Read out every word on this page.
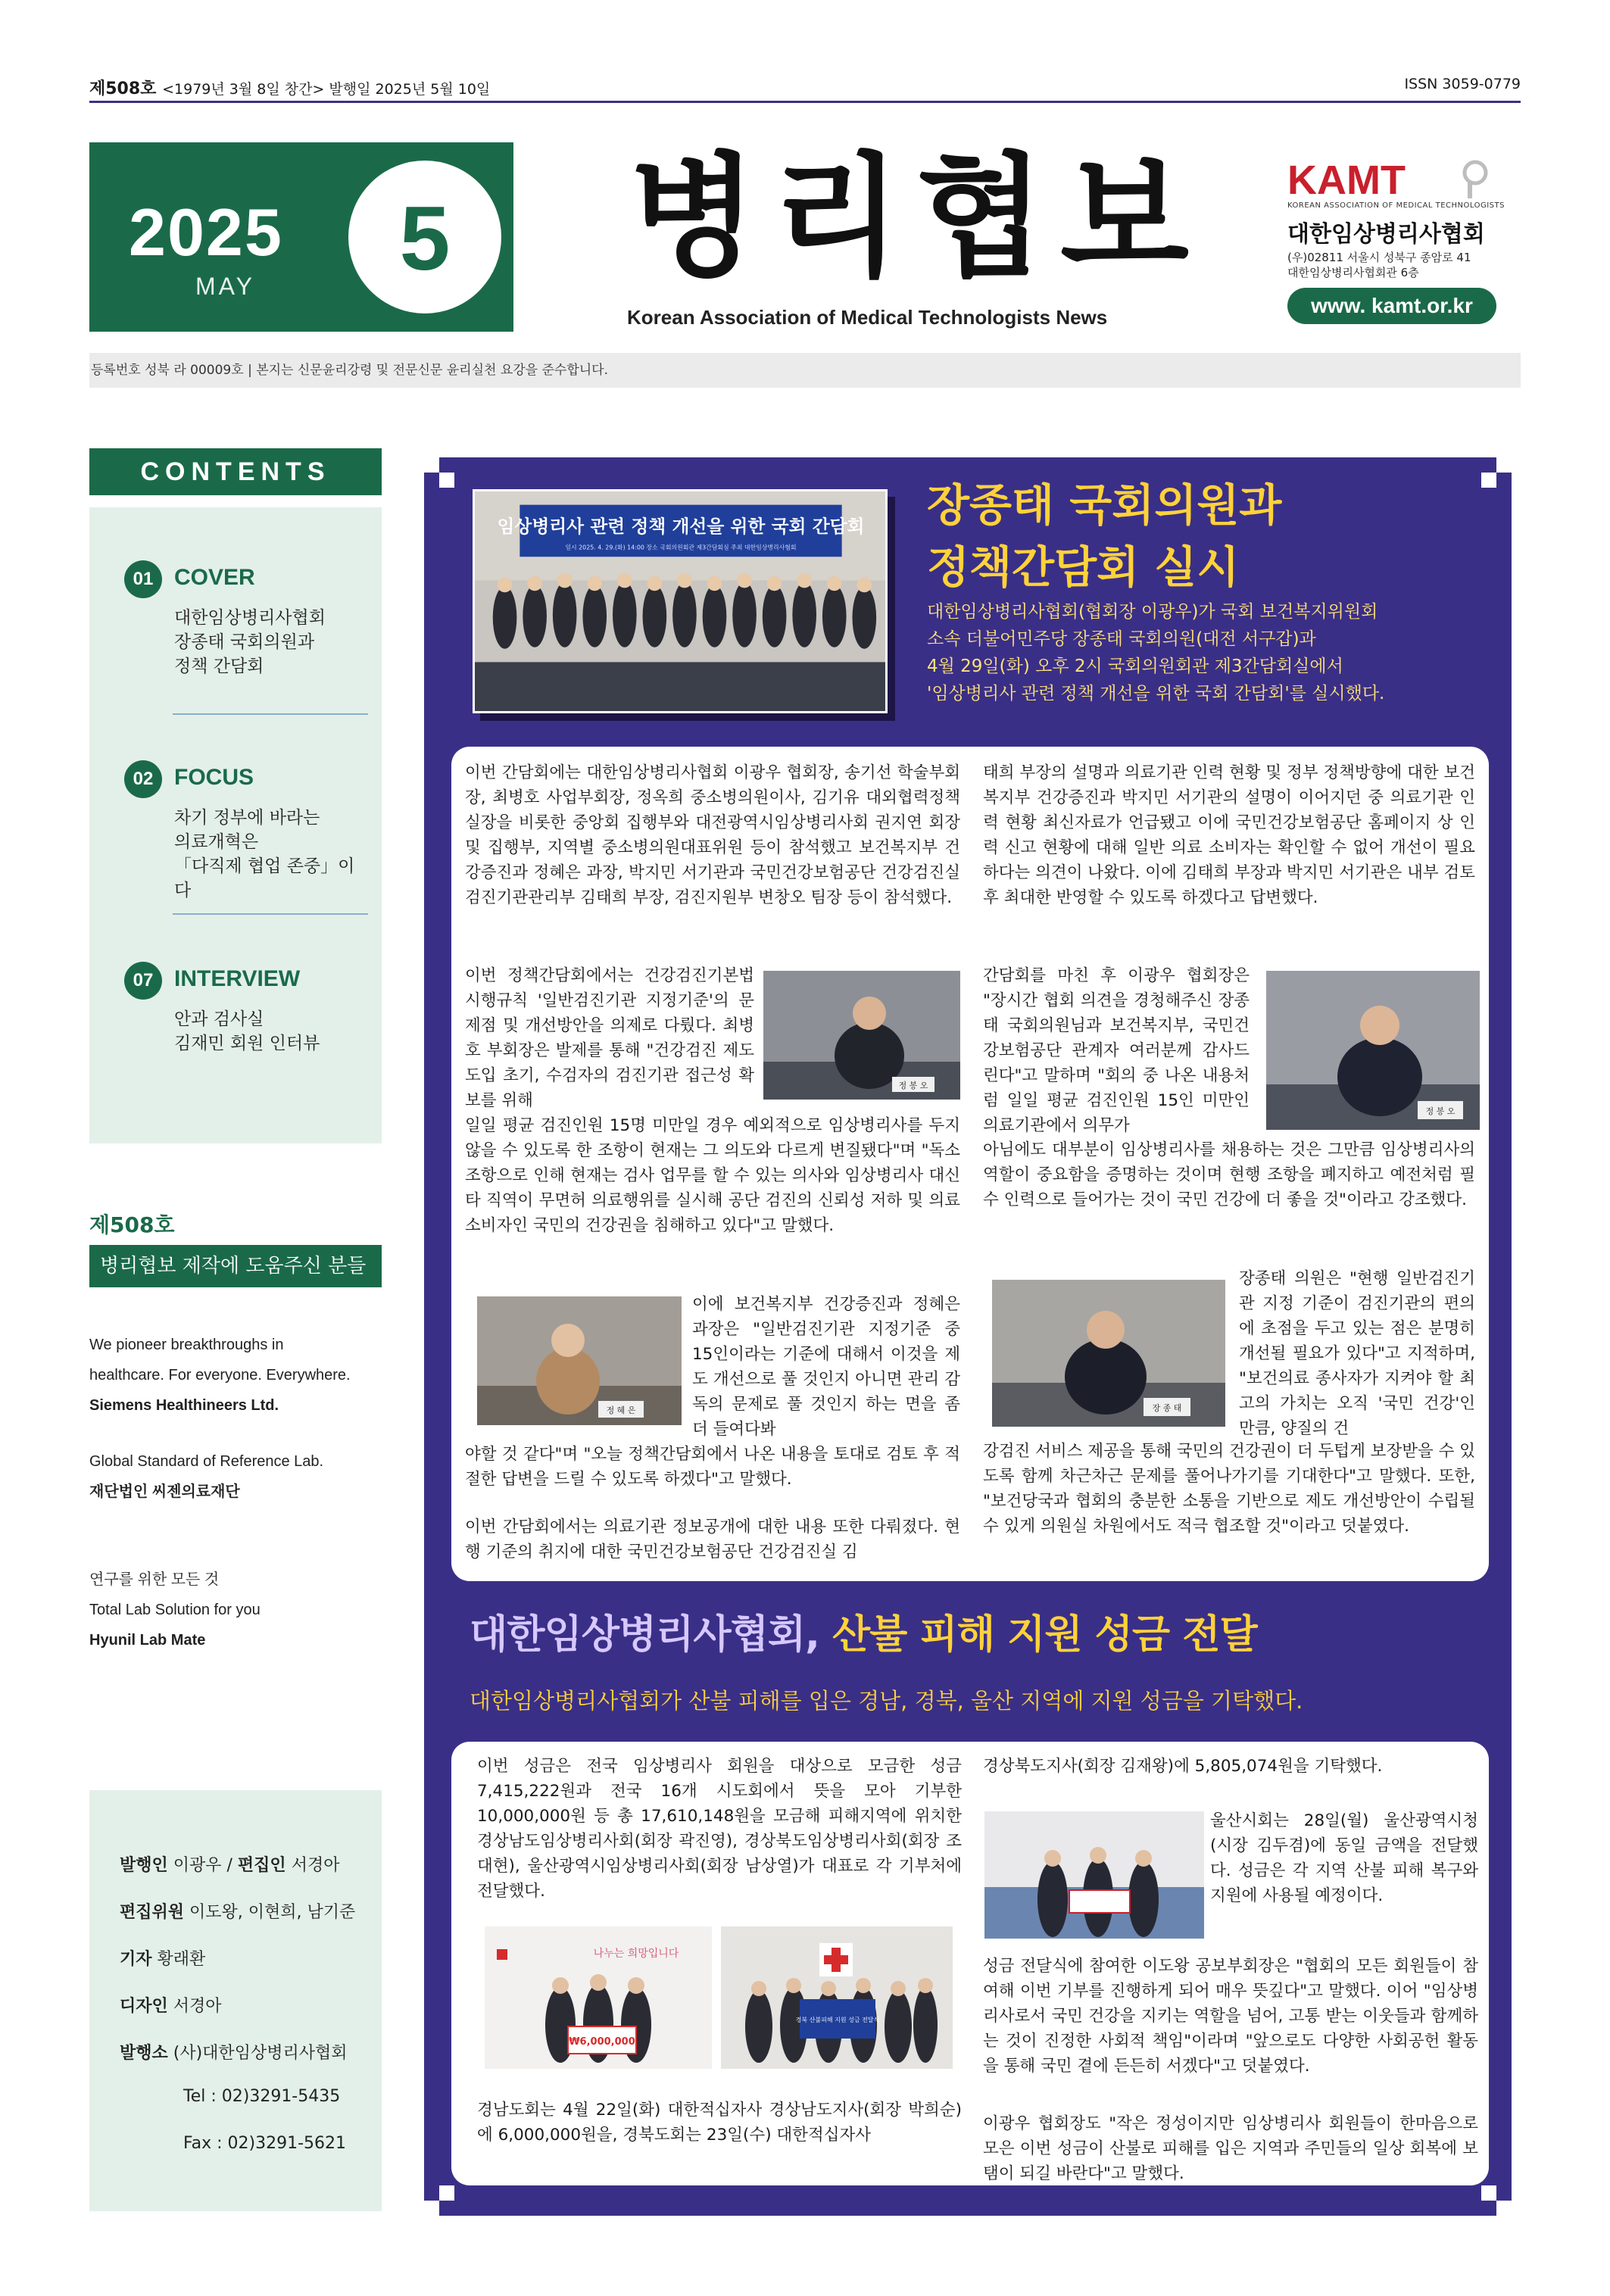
제508호 <1979년 3월 8일 창간> 발행일 2025년 5월 10일	ISSN 3059-0779
2025
MAY	5	병리협보
Korean Association of Medical Technologists News
KAMT
KOREAN ASSOCIATION OF MEDICAL TECHNOLOGISTS
대한임상병리사협회
(우)02811 서울시 성북구 종암로 41
대한임상병리사협회관 6층
www. kamt.or.kr
등록번호 성북 라 00009호 | 본지는 신문윤리강령 및 전문신문 윤리실천 요강을 준수합니다.
CONTENTS
01 COVER
대한임상병리사협회
장종태 국회의원과
정책 간담회
02 FOCUS
차기 정부에 바라는
의료개혁은
「다직제 협업 존중」이다
07 INTERVIEW
안과 검사실
김재민 회원 인터뷰
제508호
병리협보 제작에 도움주신 분들
We pioneer breakthroughs in
healthcare. For everyone. Everywhere.
Siemens Healthineers Ltd.
Global Standard of Reference Lab.
재단법인 씨젠의료재단
연구를 위한 모든 것
Total Lab Solution for you
Hyunil Lab Mate
발행인 이광우 / 편집인 서경아
편집위원 이도왕, 이현희, 남기준
기자 황래환
디자인 서경아
발행소 (사)대한임상병리사협회
Tel : 02)3291-5435
Fax : 02)3291-5621
임상병리사 관련 정책 개선을 위한 국회 간담회
일시 2025. 4. 29.(화) 14:00 장소 국회의원회관 제3간담회실 주최 대한임상병리사협회
장종태 국회의원과
정책간담회 실시
대한임상병리사협회(협회장 이광우)가 국회 보건복지위원회
소속 더불어민주당 장종태 국회의원(대전 서구갑)과
4월 29일(화) 오후 2시 국회의원회관 제3간담회실에서
'임상병리사 관련 정책 개선을 위한 국회 간담회'를 실시했다.
이번 간담회에는 대한임상병리사협회 이광우 협회장, 송기선 학술부회장, 최병호 사업부회장, 정옥희 중소병의원이사, 김기유 대외협력정책실장을 비롯한 중앙회 집행부와 대전광역시임상병리사회 권지연 회장 및 집행부, 지역별 중소병의원대표위원 등이 참석했고 보건복지부 건강증진과 정혜은 과장, 박지민 서기관과 국민건강보험공단 건강검진실 검진기관관리부 김태희 부장, 검진지원부 변창오 팀장 등이 참석했다.
이번 정책간담회에서는 건강검진기본법 시행규칙 '일반검진기관 지정기준'의 문제점 및 개선방안을 의제로 다뤘다. 최병호 부회장은 발제를 통해 "건강검진 제도 도입 초기, 수검자의 검진기관 접근성 확보를 위해
정 봉 오
일일 평균 검진인원 15명 미만일 경우 예외적으로 임상병리사를 두지 않을 수 있도록 한 조항이 현재는 그 의도와 다르게 변질됐다"며 "독소조항으로 인해 현재는 검사 업무를 할 수 있는 의사와 임상병리사 대신 타 직역이 무면허 의료행위를 실시해 공단 검진의 신뢰성 저하 및 의료 소비자인 국민의 건강권을 침해하고 있다"고 말했다.
정 혜 은
이에 보건복지부 건강증진과 정혜은 과장은 "일반검진기관 지정기준 중 15인이라는 기준에 대해서 이것을 제도 개선으로 풀 것인지 아니면 관리 감독의 문제로 풀 것인지 하는 면을 좀 더 들여다봐
야할 것 같다"며 "오늘 정책간담회에서 나온 내용을 토대로 검토 후 적절한 답변을 드릴 수 있도록 하겠다"고 말했다.
이번 간담회에서는 의료기관 정보공개에 대한 내용 또한 다뤄졌다. 현행 기준의 취지에 대한 국민건강보험공단 건강검진실 김
태희 부장의 설명과 의료기관 인력 현황 및 정부 정책방향에 대한 보건복지부 건강증진과 박지민 서기관의 설명이 이어지던 중 의료기관 인력 현황 최신자료가 언급됐고 이에 국민건강보험공단 홈페이지 상 인력 신고 현황에 대해 일반 의료 소비자는 확인할 수 없어 개선이 필요하다는 의견이 나왔다. 이에 김태희 부장과 박지민 서기관은 내부 검토 후 최대한 반영할 수 있도록 하겠다고 답변했다.
간담회를 마친 후 이광우 협회장은 "장시간 협회 의견을 경청해주신 장종태 국회의원님과 보건복지부, 국민건강보험공단 관계자 여러분께 감사드린다"고 말하며 "회의 중 나온 내용처럼 일일 평균 검진인원 15인 미만인 의료기관에서 의무가
정 봉 오
아님에도 대부분이 임상병리사를 채용하는 것은 그만큼 임상병리사의 역할이 중요함을 증명하는 것이며 현행 조항을 폐지하고 예전처럼 필수 인력으로 들어가는 것이 국민 건강에 더 좋을 것"이라고 강조했다.
장 종 태
장종태 의원은 "현행 일반검진기관 지정 기준이 검진기관의 편의에 초점을 두고 있는 점은 분명히 개선될 필요가 있다"고 지적하며, "보건의료 종사자가 지켜야 할 최고의 가치는 오직 '국민 건강'인 만큼, 양질의 건
강검진 서비스 제공을 통해 국민의 건강권이 더 두텁게 보장받을 수 있도록 함께 차근차근 문제를 풀어나가기를 기대한다"고 말했다. 또한, "보건당국과 협회의 충분한 소통을 기반으로 제도 개선방안이 수립될 수 있게 의원실 차원에서도 적극 협조할 것"이라고 덧붙였다.
대한임상병리사협회, 산불 피해 지원 성금 전달
대한임상병리사협회가 산불 피해를 입은 경남, 경북, 울산 지역에 지원 성금을 기탁했다.
이번 성금은 전국 임상병리사 회원을 대상으로 모금한 성금 7,415,222원과 전국 16개 시도회에서 뜻을 모아 기부한 10,000,000원 등 총 17,610,148원을 모금해 피해지역에 위치한 경상남도임상병리사회(회장 곽진영), 경상북도임상병리사회(회장 조대현), 울산광역시임상병리사회(회장 남상열)가 대표로 각 기부처에 전달했다.
나누는 희망입니다
₩6,000,000
경북 산불피해 지원 성금 전달식
경남도회는 4월 22일(화) 대한적십자사 경상남도지사(회장 박희순)에 6,000,000원을, 경북도회는 23일(수) 대한적십자사
경상북도지사(회장 김재왕)에 5,805,074원을 기탁했다.
울산시회는 28일(월) 울산광역시청(시장 김두겸)에 동일 금액을 전달했다. 성금은 각 지역 산불 피해 복구와 지원에 사용될 예정이다.
성금 전달식에 참여한 이도왕 공보부회장은 "협회의 모든 회원들이 참여해 이번 기부를 진행하게 되어 매우 뜻깊다"고 말했다. 이어 "임상병리사로서 국민 건강을 지키는 역할을 넘어, 고통 받는 이웃들과 함께하는 것이 진정한 사회적 책임"이라며 "앞으로도 다양한 사회공헌 활동을 통해 국민 곁에 든든히 서겠다"고 덧붙였다.
이광우 협회장도 "작은 정성이지만 임상병리사 회원들이 한마음으로 모은 이번 성금이 산불로 피해를 입은 지역과 주민들의 일상 회복에 보탬이 되길 바란다"고 말했다.
